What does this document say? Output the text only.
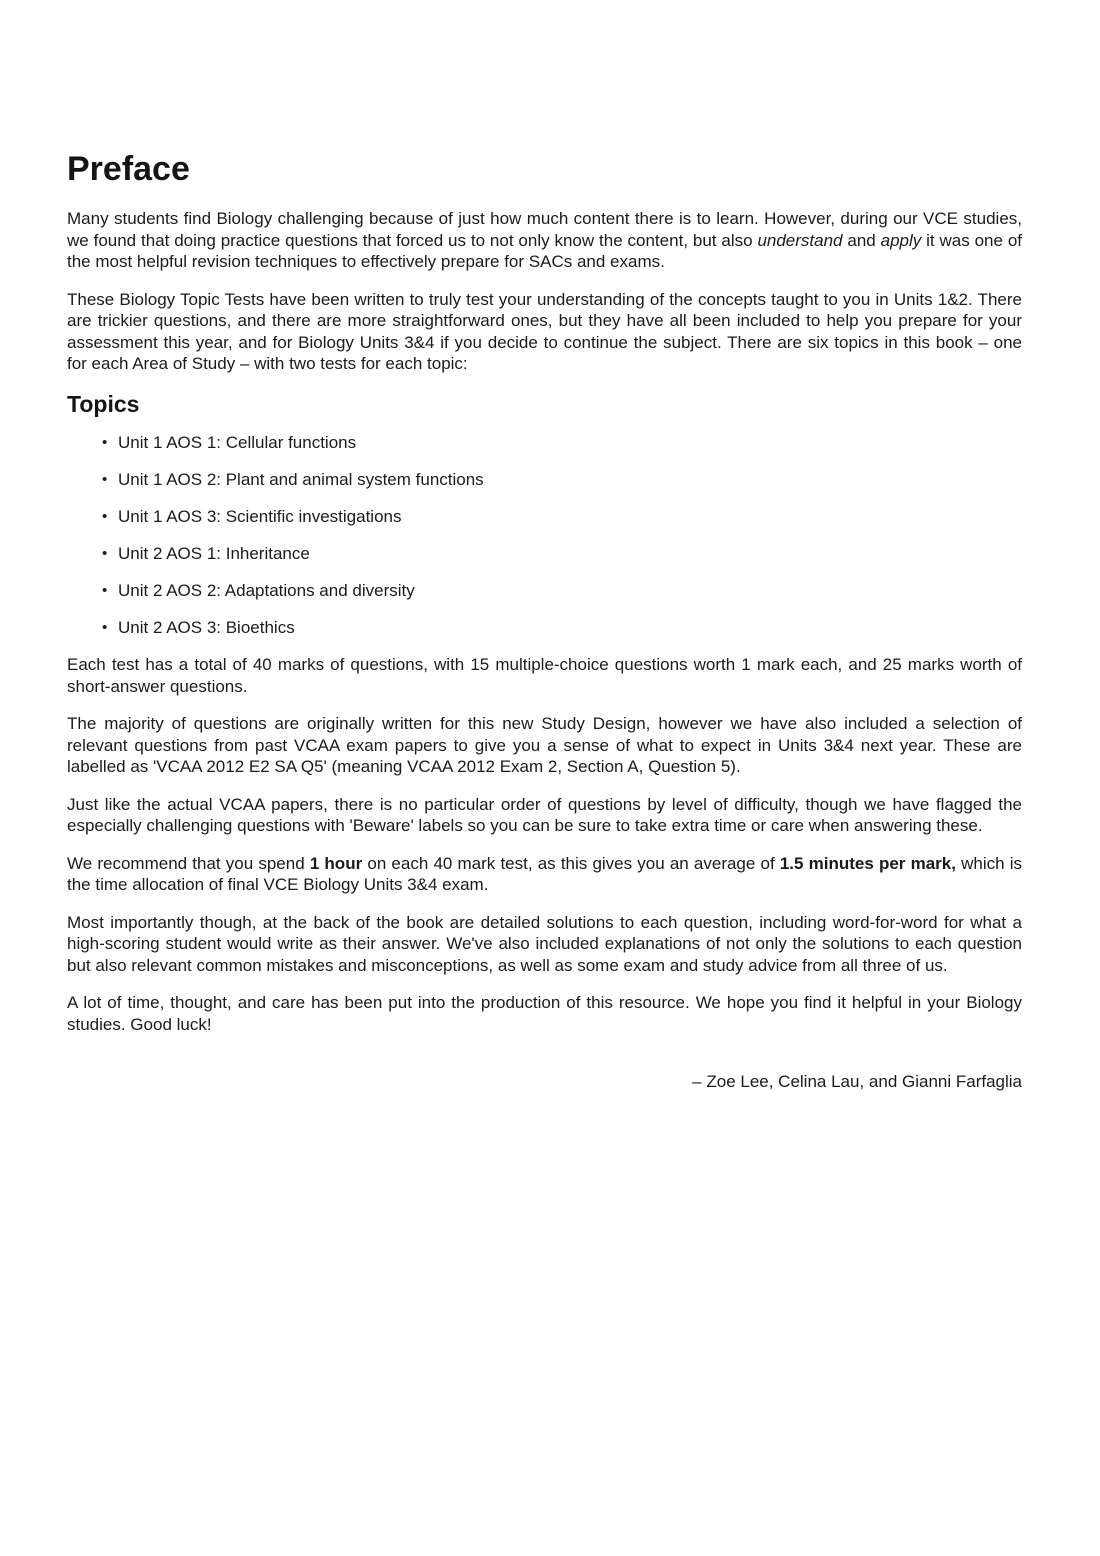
Preface

Many students find Biology challenging because of just how much content there is to learn. However, during our VCE studies, we found that doing practice questions that forced us to not only know the content, but also understand and apply it was one of the most helpful revision techniques to effectively prepare for SACs and exams.

These Biology Topic Tests have been written to truly test your understanding of the concepts taught to you in Units 1&2. There are trickier questions, and there are more straightforward ones, but they have all been included to help you prepare for your assessment this year, and for Biology Units 3&4 if you decide to continue the subject. There are six topics in this book – one for each Area of Study – with two tests for each topic:

Topics
• Unit 1 AOS 1: Cellular functions
• Unit 1 AOS 2: Plant and animal system functions
• Unit 1 AOS 3: Scientific investigations
• Unit 2 AOS 1: Inheritance
• Unit 2 AOS 2: Adaptations and diversity
• Unit 2 AOS 3: Bioethics

Each test has a total of 40 marks of questions, with 15 multiple-choice questions worth 1 mark each, and 25 marks worth of short-answer questions.

The majority of questions are originally written for this new Study Design, however we have also included a selection of relevant questions from past VCAA exam papers to give you a sense of what to expect in Units 3&4 next year. These are labelled as 'VCAA 2012 E2 SA Q5' (meaning VCAA 2012 Exam 2, Section A, Question 5).

Just like the actual VCAA papers, there is no particular order of questions by level of difficulty, though we have flagged the especially challenging questions with 'Beware' labels so you can be sure to take extra time or care when answering these.

We recommend that you spend 1 hour on each 40 mark test, as this gives you an average of 1.5 minutes per mark, which is the time allocation of final VCE Biology Units 3&4 exam.

Most importantly though, at the back of the book are detailed solutions to each question, including word-for-word for what a high-scoring student would write as their answer. We've also included explanations of not only the solutions to each question but also relevant common mistakes and misconceptions, as well as some exam and study advice from all three of us.

A lot of time, thought, and care has been put into the production of this resource. We hope you find it helpful in your Biology studies. Good luck!

– Zoe Lee, Celina Lau, and Gianni Farfaglia
